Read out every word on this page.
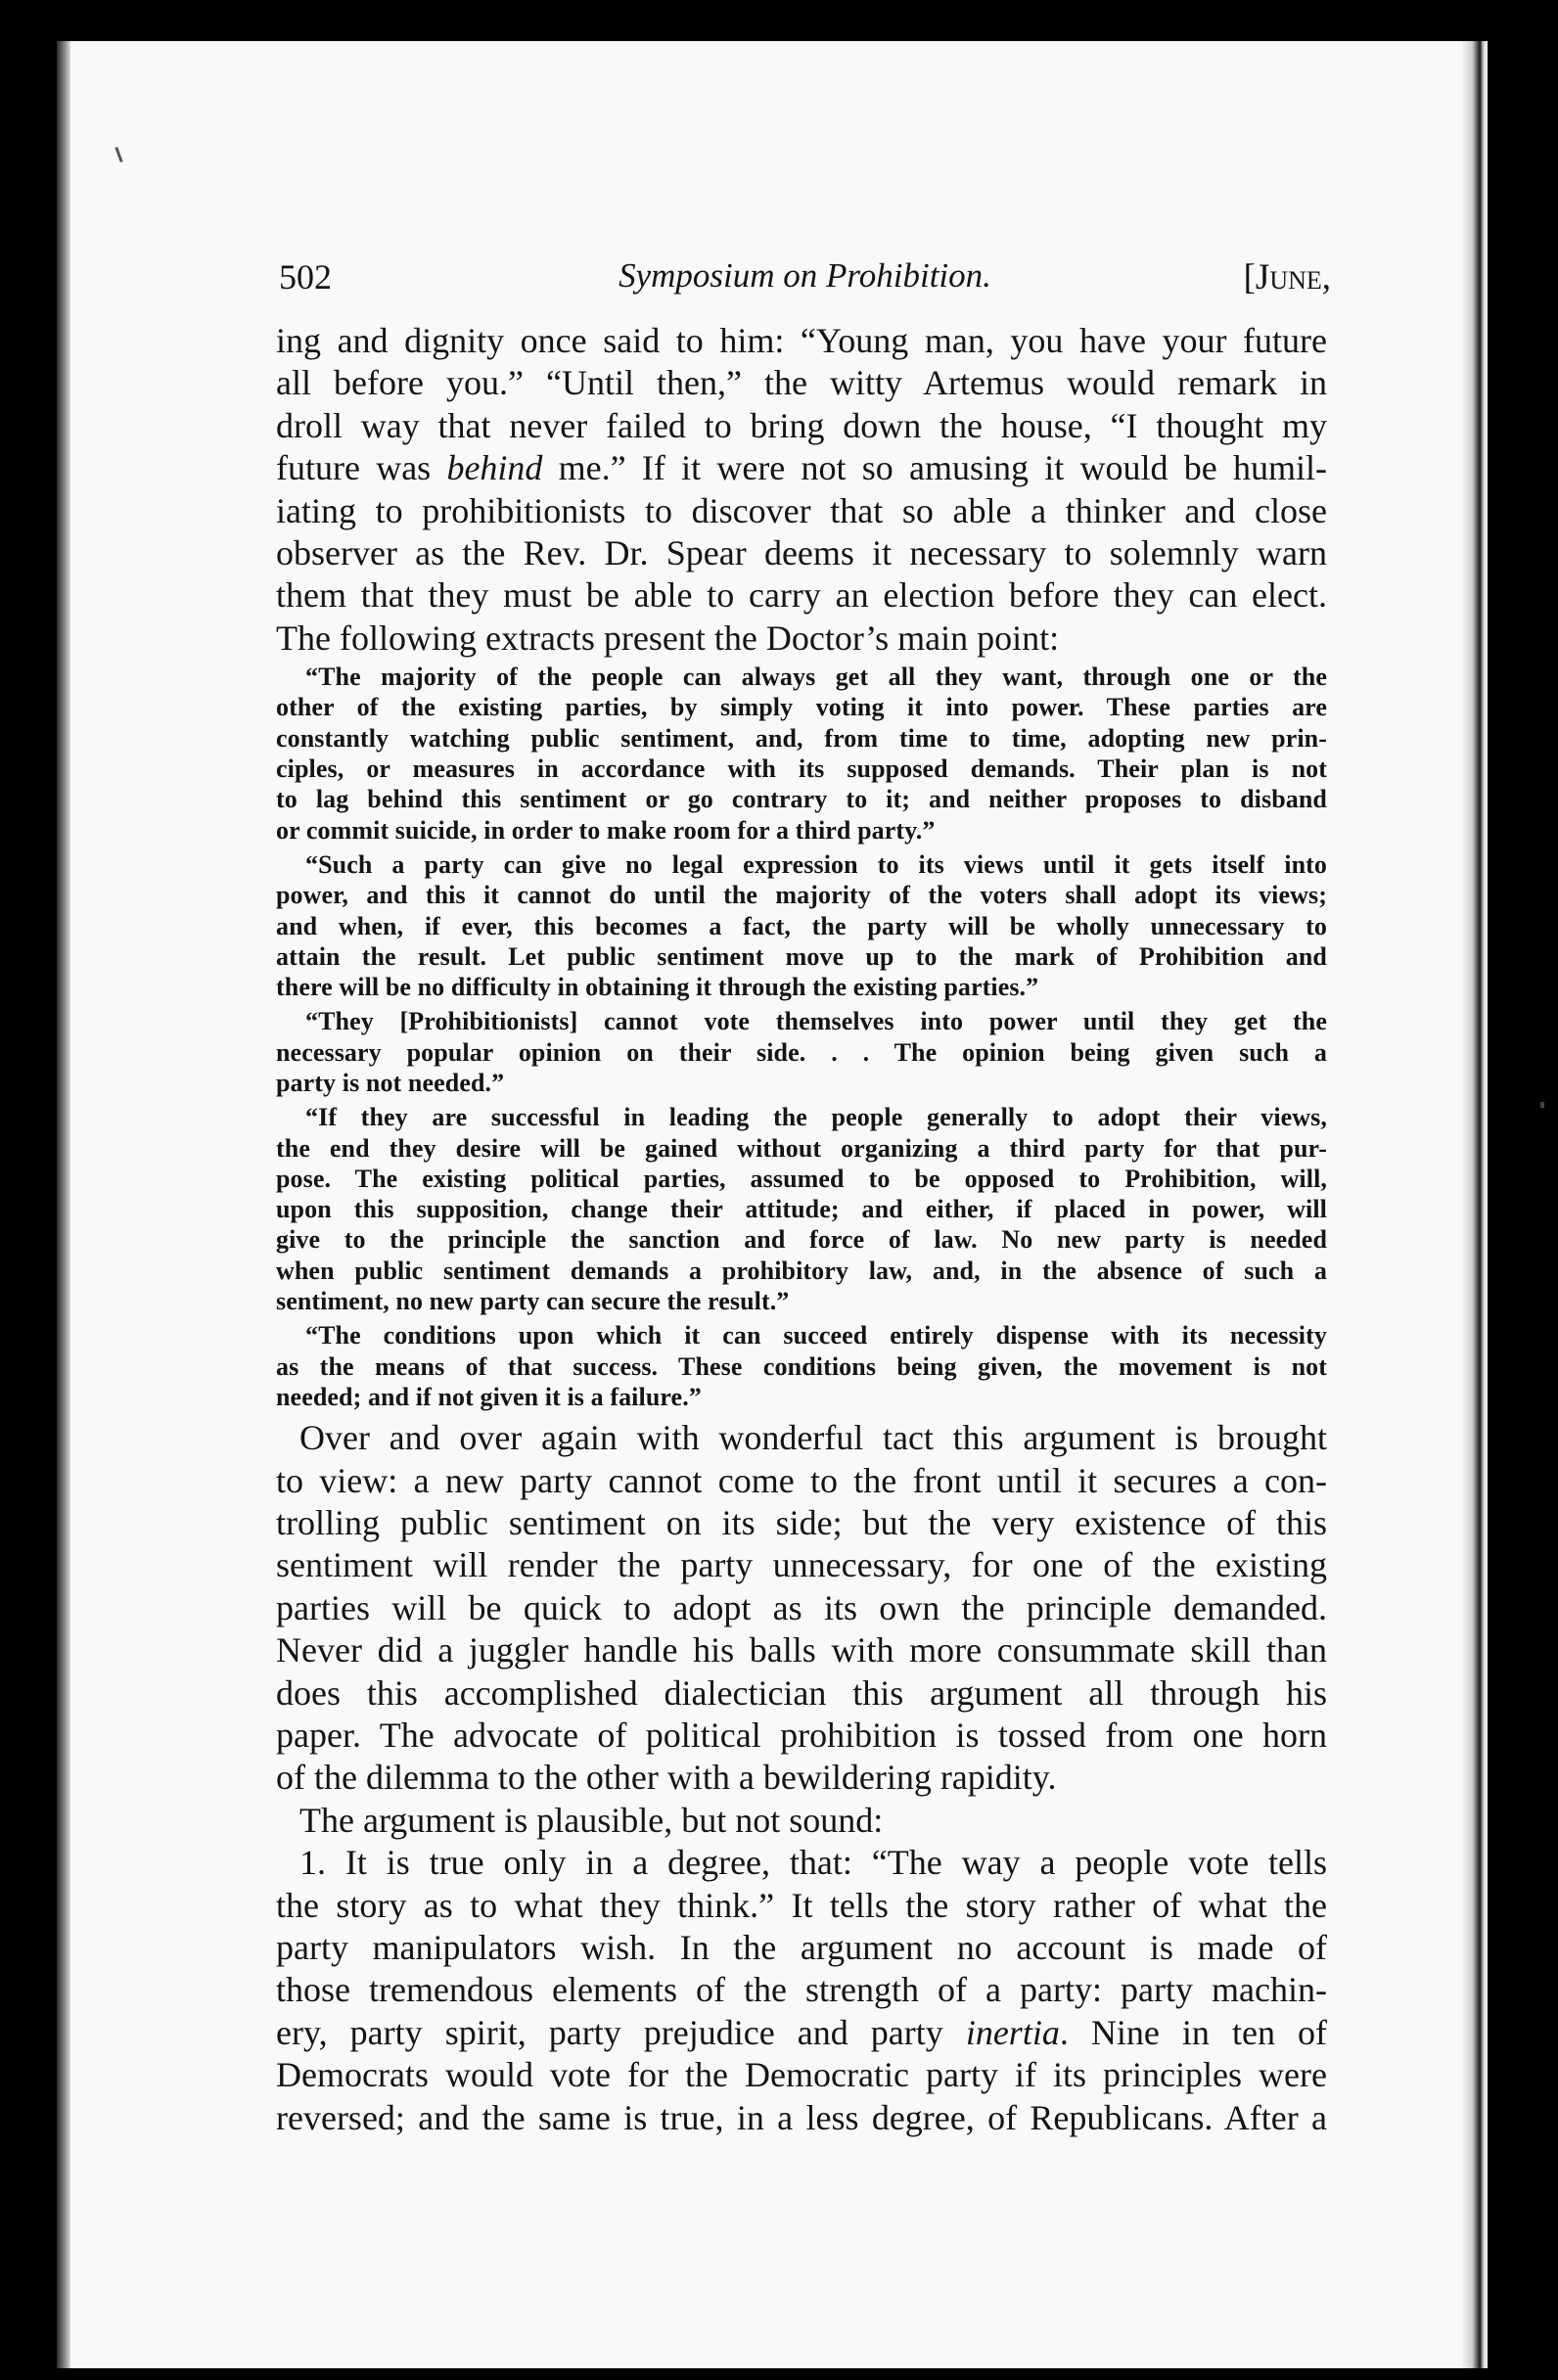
502	Symposium on Prohibition.	[June,
ing and dignity once said to him: “Young man, you have your future
all before you.” “Until then,” the witty Artemus would remark in
droll way that never failed to bring down the house, “I thought my
future was behind me.” If it were not so amusing it would be humil-
iating to prohibitionists to discover that so able a thinker and close
observer as the Rev. Dr. Spear deems it necessary to solemnly warn
them that they must be able to carry an election before they can elect.
The following extracts present the Doctor’s main point:
“The majority of the people can always get all they want, through one or the
other of the existing parties, by simply voting it into power. These parties are
constantly watching public sentiment, and, from time to time, adopting new prin-
ciples, or measures in accordance with its supposed demands. Their plan is not
to lag behind this sentiment or go contrary to it; and neither proposes to disband
or commit suicide, in order to make room for a third party.”
“Such a party can give no legal expression to its views until it gets itself into
power, and this it cannot do until the majority of the voters shall adopt its views;
and when, if ever, this becomes a fact, the party will be wholly unnecessary to
attain the result. Let public sentiment move up to the mark of Prohibition and
there will be no difficulty in obtaining it through the existing parties.”
“They [Prohibitionists] cannot vote themselves into power until they get the
necessary popular opinion on their side. . . The opinion being given such a
party is not needed.”
“If they are successful in leading the people generally to adopt their views,
the end they desire will be gained without organizing a third party for that pur-
pose. The existing political parties, assumed to be opposed to Prohibition, will,
upon this supposition, change their attitude; and either, if placed in power, will
give to the principle the sanction and force of law. No new party is needed
when public sentiment demands a prohibitory law, and, in the absence of such a
sentiment, no new party can secure the result.”
“The conditions upon which it can succeed entirely dispense with its necessity
as the means of that success. These conditions being given, the movement is not
needed; and if not given it is a failure.”
Over and over again with wonderful tact this argument is brought
to view: a new party cannot come to the front until it secures a con-
trolling public sentiment on its side; but the very existence of this
sentiment will render the party unnecessary, for one of the existing
parties will be quick to adopt as its own the principle demanded.
Never did a juggler handle his balls with more consummate skill than
does this accomplished dialectician this argument all through his
paper. The advocate of political prohibition is tossed from one horn
of the dilemma to the other with a bewildering rapidity.
The argument is plausible, but not sound:
1. It is true only in a degree, that: “The way a people vote tells
the story as to what they think.” It tells the story rather of what the
party manipulators wish. In the argument no account is made of
those tremendous elements of the strength of a party: party machin-
ery, party spirit, party prejudice and party inertia. Nine in ten of
Democrats would vote for the Democratic party if its principles were
reversed; and the same is true, in a less degree, of Republicans. After a
